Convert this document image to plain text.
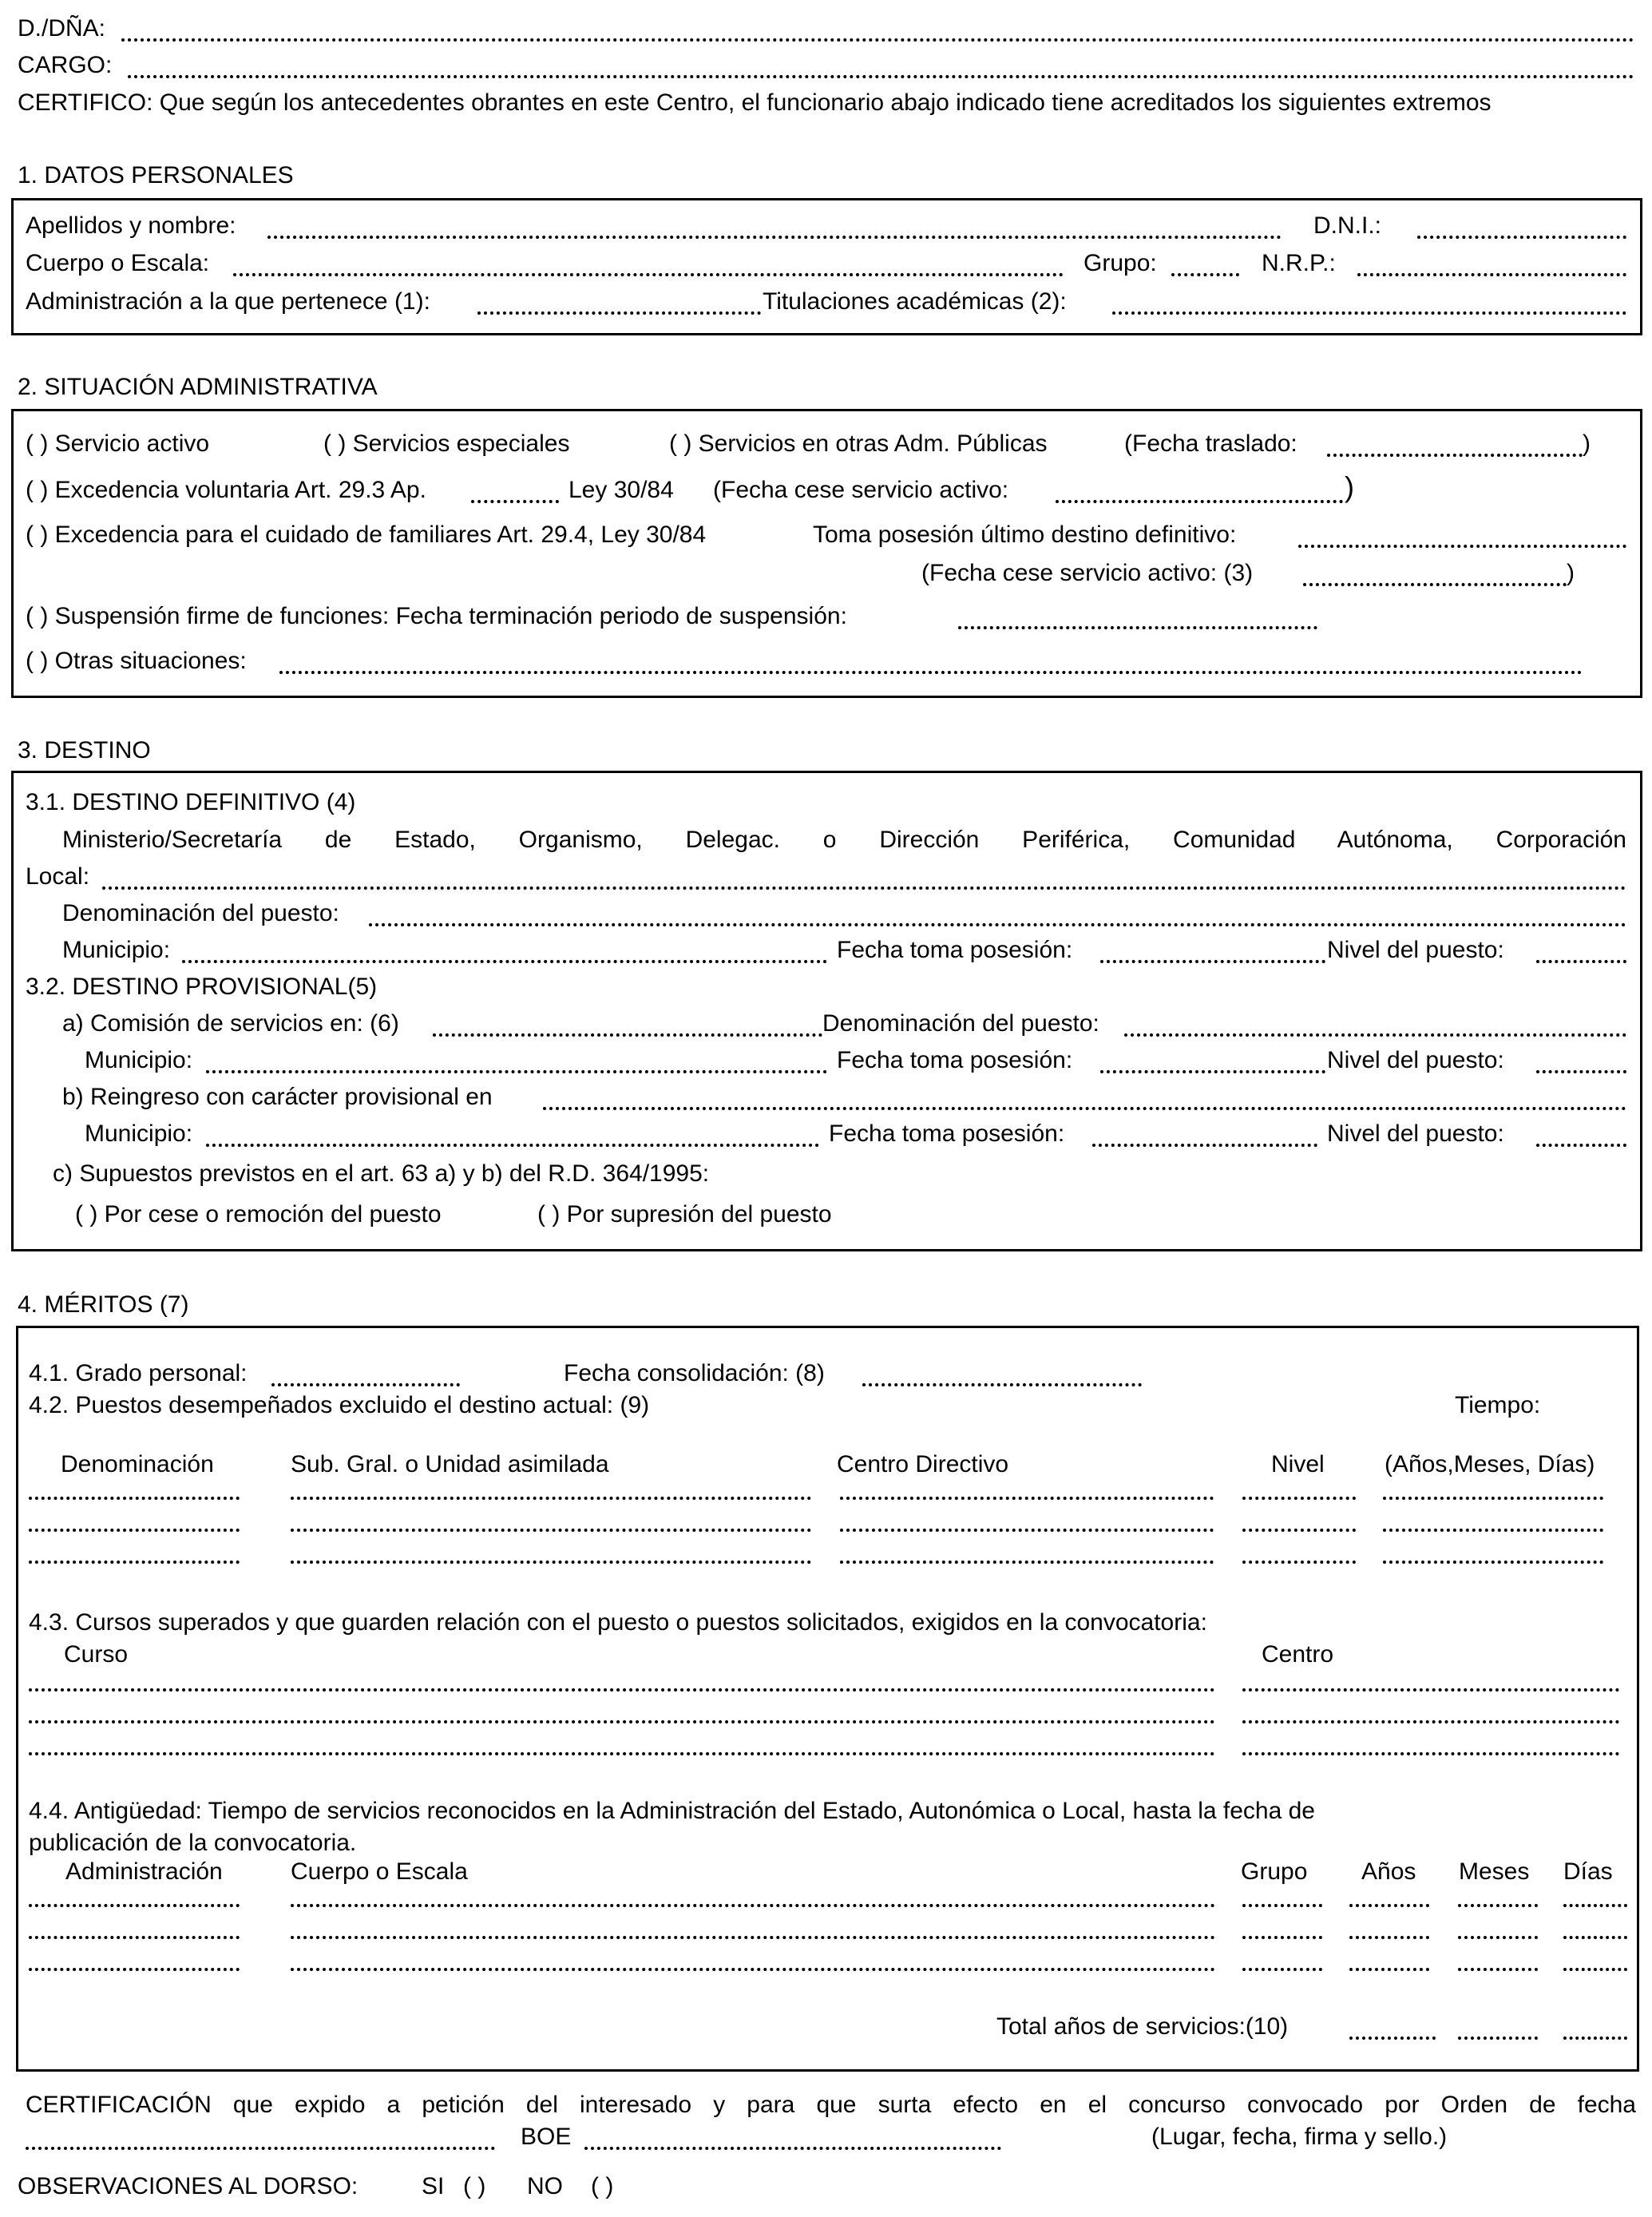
D./DÑA:
CARGO:
CERTIFICO: Que según los antecedentes obrantes en este Centro, el funcionario abajo indicado tiene acreditados los siguientes extremos
1. DATOS PERSONALES
Apellidos y nombre:	D.N.I.:
Cuerpo o Escala:	Grupo:	N.R.P.:
Administración a la que pertenece (1):	Titulaciones académicas (2):
2. SITUACIÓN ADMINISTRATIVA
( ) Servicio activo	( ) Servicios especiales	( ) Servicios en otras Adm. Públicas	(Fecha traslado:	)
( ) Excedencia voluntaria Art. 29.3 Ap.	Ley 30/84 (Fecha cese servicio activo:	)
( ) Excedencia para el cuidado de familiares Art. 29.4, Ley 30/84	Toma posesión último destino definitivo:
(Fecha cese servicio activo: (3)	)
( ) Suspensión firme de funciones: Fecha terminación periodo de suspensión:
( ) Otras situaciones:
3. DESTINO
3.1. DESTINO DEFINITIVO (4)
Ministerio/Secretaría de Estado, Organismo, Delegac. o Dirección Periférica, Comunidad Autónoma, Corporación
Local:
Denominación del puesto:
Municipio:	Fecha toma posesión:	Nivel del puesto:
3.2. DESTINO PROVISIONAL(5)
a) Comisión de servicios en: (6)	Denominación del puesto:
Municipio:	Fecha toma posesión:	Nivel del puesto:
b) Reingreso con carácter provisional en
Municipio:	Fecha toma posesión:	Nivel del puesto:
c) Supuestos previstos en el art. 63 a) y b) del R.D. 364/1995:
( ) Por cese o remoción del puesto	( ) Por supresión del puesto
4. MÉRITOS (7)
4.1. Grado personal:	Fecha consolidación: (8)
4.2. Puestos desempeñados excluido el destino actual: (9)	Tiempo:
Denominación	Sub. Gral. o Unidad asimilada	Centro Directivo	Nivel	(Años,Meses, Días)
4.3. Cursos superados y que guarden relación con el puesto o puestos solicitados, exigidos en la convocatoria:
Curso	Centro
4.4. Antigüedad: Tiempo de servicios reconocidos en la Administración del Estado, Autonómica o Local, hasta la fecha de
publicación de la convocatoria.
Administración	Cuerpo o Escala	Grupo Años Meses Días
Total años de servicios:(10)
CERTIFICACIÓN que expido a petición del interesado y para que surta efecto en el concurso convocado por Orden de fecha
BOE	(Lugar, fecha, firma y sello.)
OBSERVACIONES AL DORSO:	SI ( ) NO ( )
